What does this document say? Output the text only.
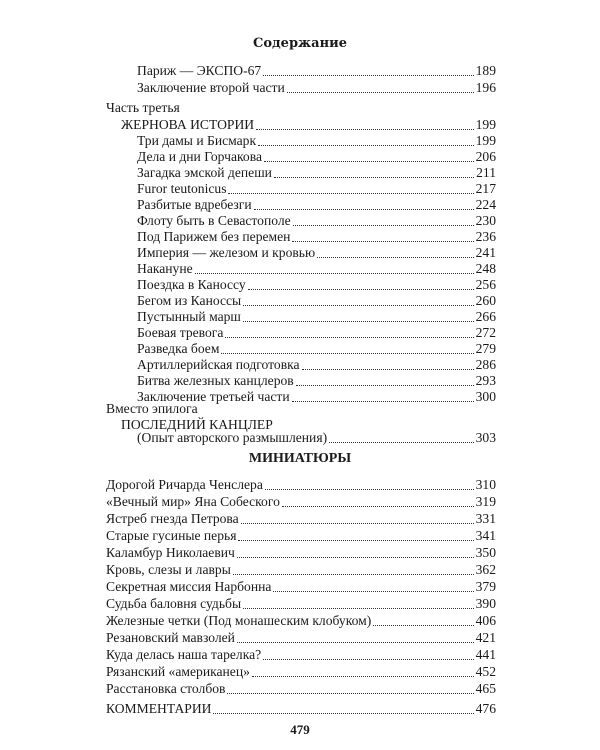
Содержание
Париж — ЭКСПО-67	189
Заключение второй части	196
Часть третья
ЖЕРНОВА ИСТОРИИ	199
Три дамы и Бисмарк	199
Дела и дни Горчакова	206
Загадка эмской депеши	211
Furor teutonicus	217
Разбитые вдребезги	224
Флоту быть в Севастополе	230
Под Парижем без перемен	236
Империя — железом и кровью	241
Накануне	248
Поездка в Каноссу	256
Бегом из Каноссы	260
Пустынный марш	266
Боевая тревога	272
Разведка боем	279
Артиллерийская подготовка	286
Битва железных канцлеров	293
Заключение третьей части	300
Вместо эпилога
ПОСЛЕДНИЙ КАНЦЛЕР
(Опыт авторского размышления)	303
МИНИАТЮРЫ
Дорогой Ричарда Ченслера	310
«Вечный мир» Яна Собеского	319
Ястреб гнезда Петрова	331
Старые гусиные перья	341
Каламбур Николаевич	350
Кровь, слезы и лавры	362
Секретная миссия Нарбонна	379
Судьба баловня судьбы	390
Железные четки (Под монашеским клобуком)	406
Резановский мавзолей	421
Куда делась наша тарелка?	441
Рязанский «американец»	452
Расстановка столбов	465
КОММЕНТАРИИ	476
479
